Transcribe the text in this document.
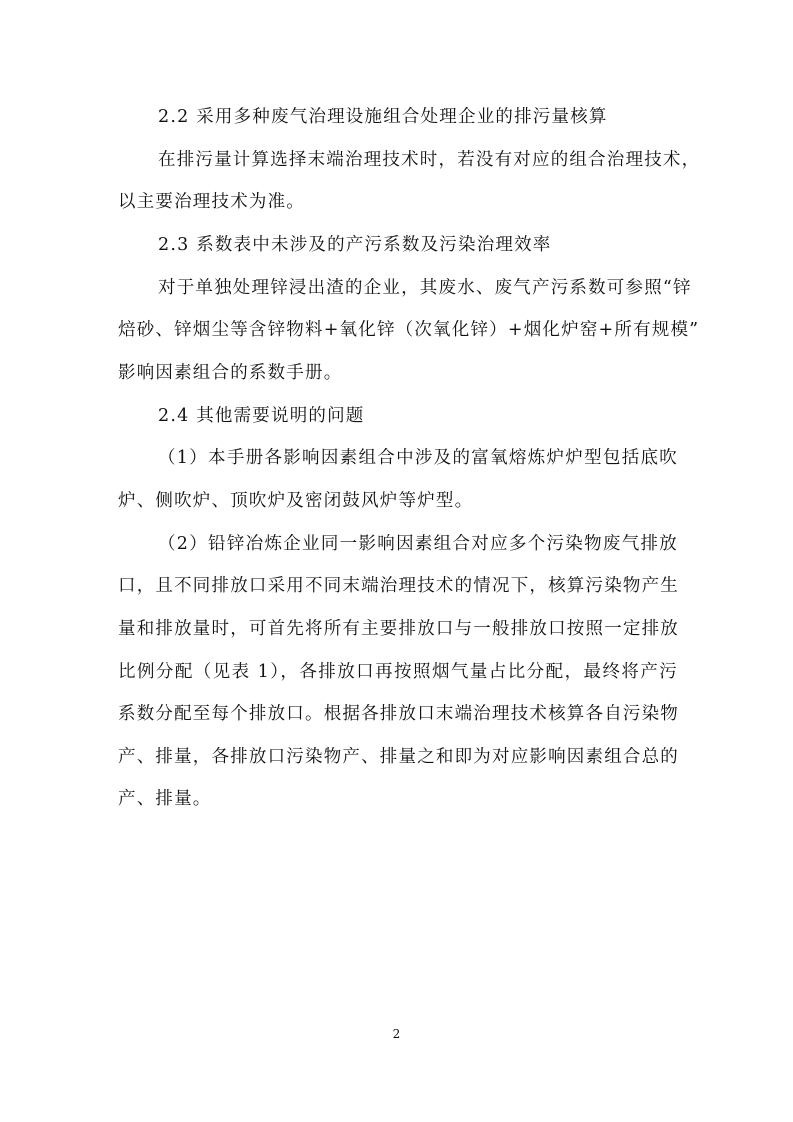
2.2 采用多种废气治理设施组合处理企业的排污量核算
在排污量计算选择末端治理技术时，若没有对应的组合治理技术，
以主要治理技术为准。
2.3 系数表中未涉及的产污系数及污染治理效率
对于单独处理锌浸出渣的企业，其废水、废气产污系数可参照“锌
焙砂、锌烟尘等含锌物料+氧化锌（次氧化锌）+烟化炉窑+所有规模”
影响因素组合的系数手册。
2.4 其他需要说明的问题
（1）本手册各影响因素组合中涉及的富氧熔炼炉炉型包括底吹
炉、侧吹炉、顶吹炉及密闭鼓风炉等炉型。
（2）铅锌冶炼企业同一影响因素组合对应多个污染物废气排放
口，且不同排放口采用不同末端治理技术的情况下，核算污染物产生
量和排放量时，可首先将所有主要排放口与一般排放口按照一定排放
比例分配（见表 1），各排放口再按照烟气量占比分配，最终将产污
系数分配至每个排放口。根据各排放口末端治理技术核算各自污染物
产、排量，各排放口污染物产、排量之和即为对应影响因素组合总的
产、排量。
2
